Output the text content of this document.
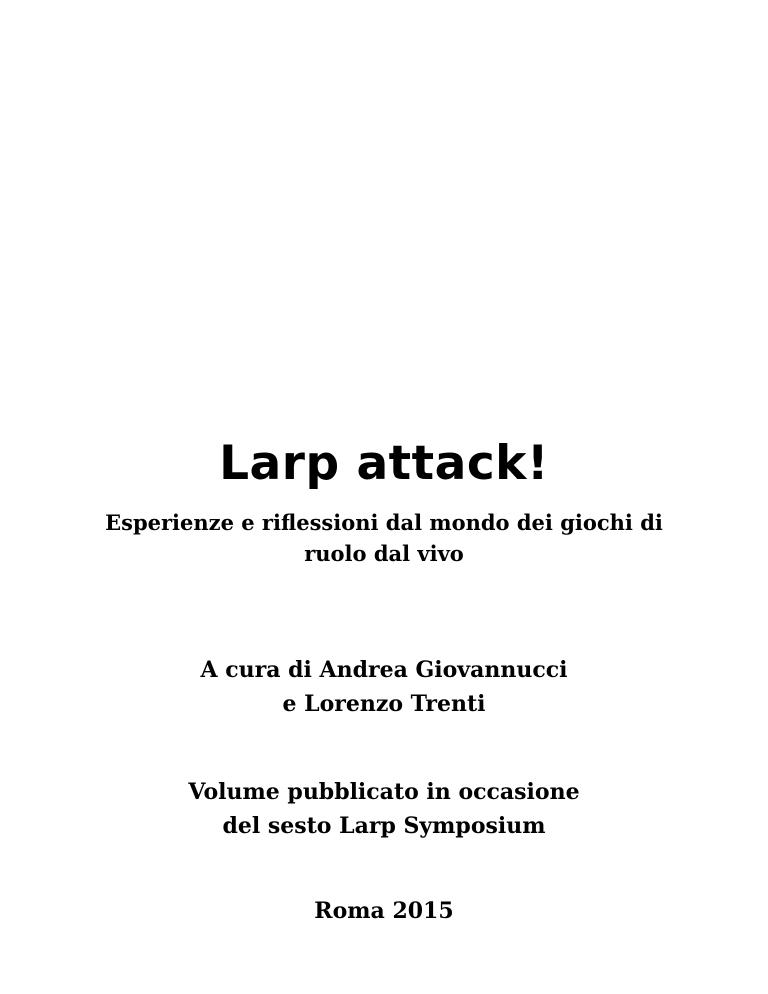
Larp attack!

Esperienze e riflessioni dal mondo dei giochi di
ruolo dal vivo

A cura di Andrea Giovannucci
e Lorenzo Trenti

Volume pubblicato in occasione
del sesto Larp Symposium

Roma 2015
